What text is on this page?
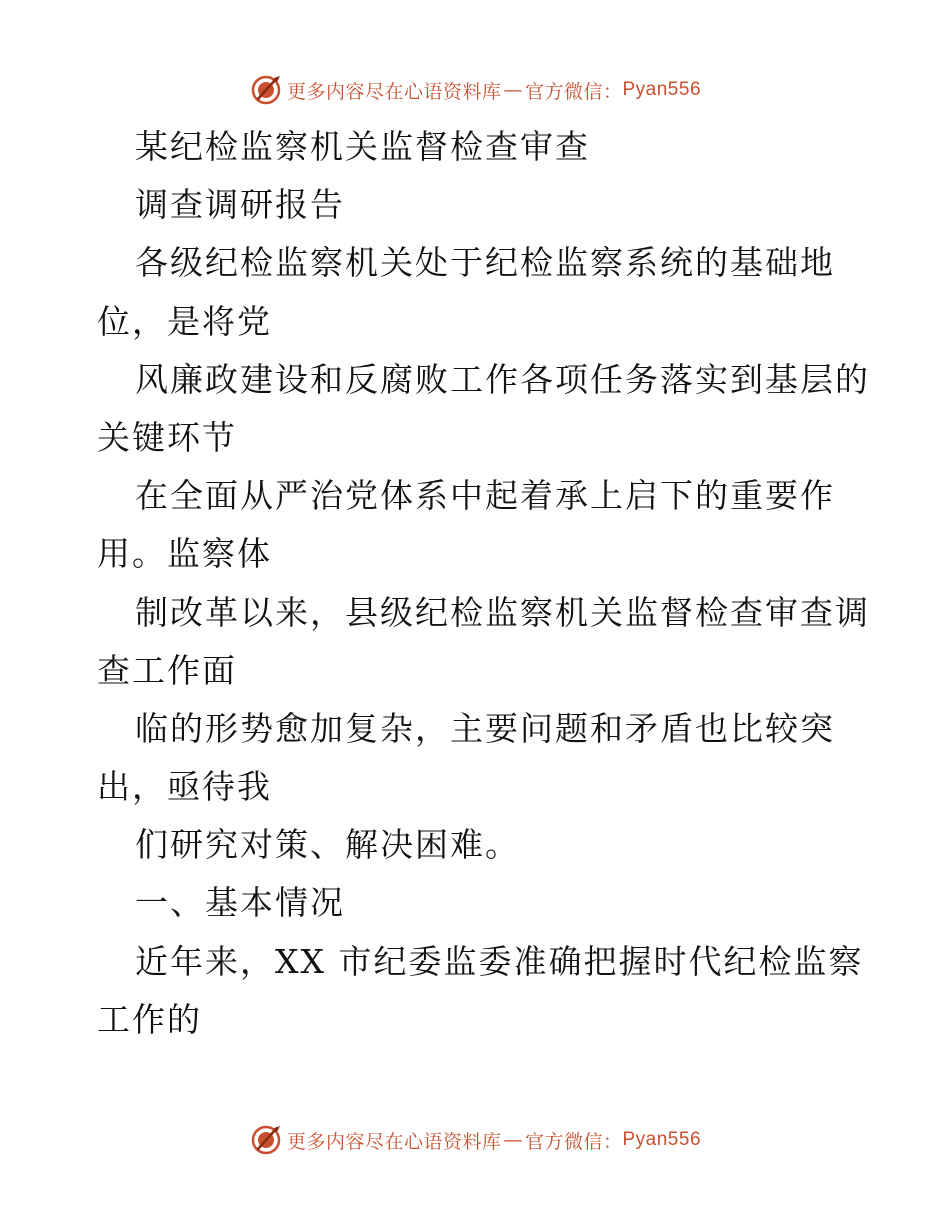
更多内容尽在心语资料库 — 官方微信： Pyan556
某纪检监察机关监督检查审查
调查调研报告
各级纪检监察机关处于纪检监察系统的基础地
位，是将党
风廉政建设和反腐败工作各项任务落实到基层的
关键环节
在全面从严治党体系中起着承上启下的重要作
用。监察体
制改革以来，县级纪检监察机关监督检查审查调
查工作面
临的形势愈加复杂，主要问题和矛盾也比较突
出，亟待我
们研究对策、解决困难。
一、基本情况
近年来，XX 市纪委监委准确把握时代纪检监察
工作的
更多内容尽在心语资料库 — 官方微信： Pyan556
